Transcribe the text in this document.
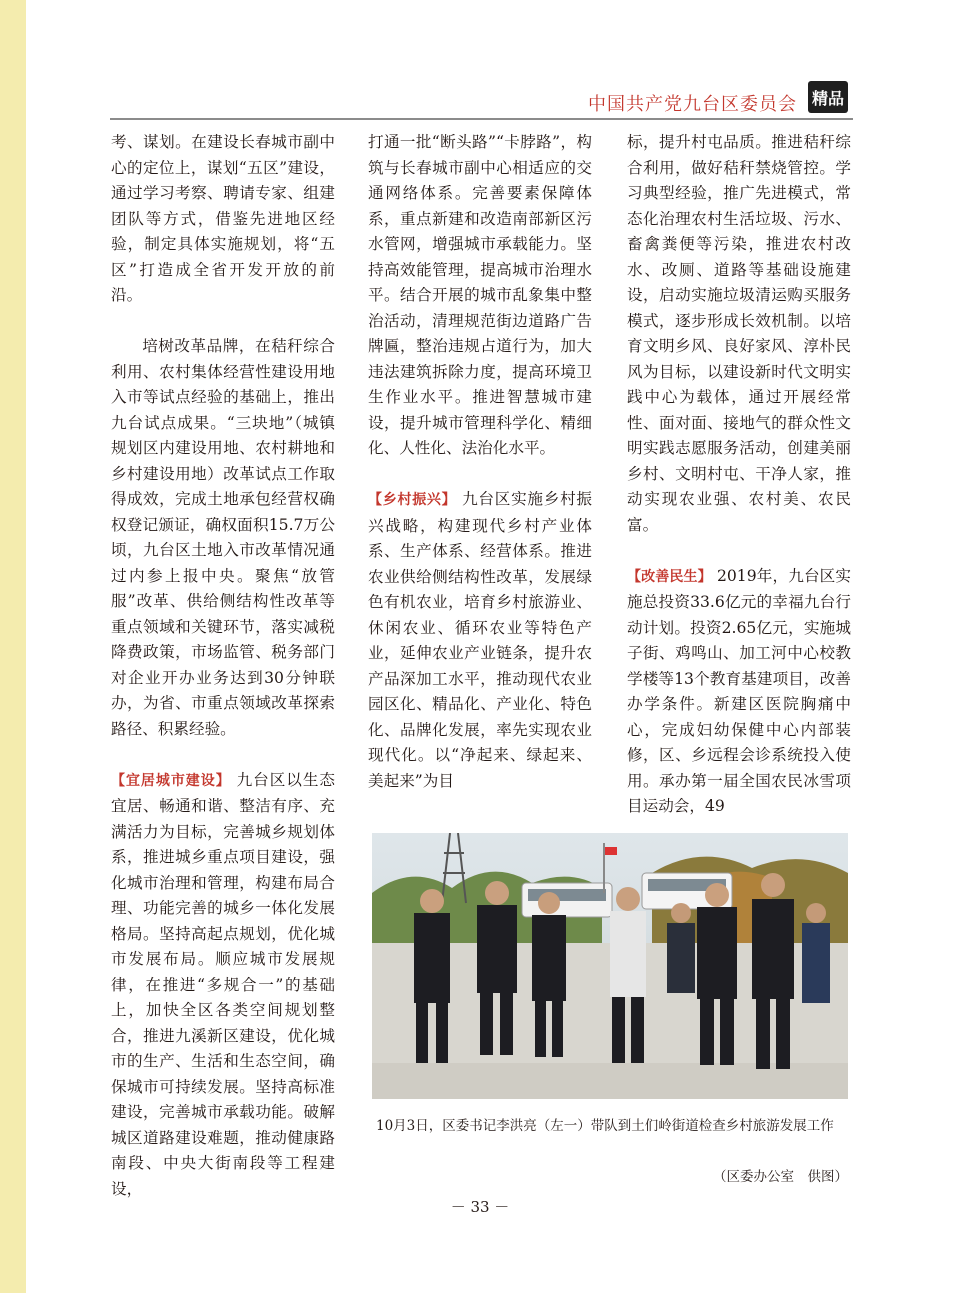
中国共产党九台区委员会 精品

考、谋划。在建设长春城市副中心的定位上，谋划“五区”建设，通过学习考察、聘请专家、组建团队等方式，借鉴先进地区经验，制定具体实施规划，将“五区”打造成全省开发开放的前沿。

培树改革品牌，在秸秆综合利用、农村集体经营性建设用地入市等试点经验的基础上，推出九台试点成果。“三块地”（城镇规划区内建设用地、农村耕地和乡村建设用地）改革试点工作取得成效，完成土地承包经营权确权登记颁证，确权面积15.7万公顷，九台区土地入市改革情况通过内参上报中央。聚焦“放管服”改革、供给侧结构性改革等重点领域和关键环节，落实减税降费政策，市场监管、税务部门对企业开办业务达到30分钟联办，为省、市重点领域改革探索路径、积累经验。

【宜居城市建设】 九台区以生态宜居、畅通和谐、整洁有序、充满活力为目标，完善城乡规划体系，推进城乡重点项目建设，强化城市治理和管理，构建布局合理、功能完善的城乡一体化发展格局。坚持高起点规划，优化城市发展布局。顺应城市发展规律，在推进“多规合一”的基础上，加快全区各类空间规划整合，推进九溪新区建设，优化城市的生产、生活和生态空间，确保城市可持续发展。坚持高标准建设，完善城市承载功能。破解城区道路建设难题，推动健康路南段、中央大街南段等工程建设，

打通一批“断头路”“卡脖路”，构筑与长春城市副中心相适应的交通网络体系。完善要素保障体系，重点新建和改造南部新区污水管网，增强城市承载能力。坚持高效能管理，提高城市治理水平。结合开展的城市乱象集中整治活动，清理规范街边道路广告牌匾，整治违规占道行为，加大违法建筑拆除力度，提高环境卫生作业水平。推进智慧城市建设，提升城市管理科学化、精细化、人性化、法治化水平。

【乡村振兴】 九台区实施乡村振兴战略，构建现代乡村产业体系、生产体系、经营体系。推进农业供给侧结构性改革，发展绿色有机农业，培育乡村旅游业、休闲农业、循环农业等特色产业，延伸农业产业链条，提升农产品深加工水平，推动现代农业园区化、精品化、产业化、特色化、品牌化发展，率先实现农业现代化。以“净起来、绿起来、美起来”为目

标，提升村屯品质。推进秸秆综合利用，做好秸秆禁烧管控。学习典型经验，推广先进模式，常态化治理农村生活垃圾、污水、畜禽粪便等污染，推进农村改水、改厕、道路等基础设施建设，启动实施垃圾清运购买服务模式，逐步形成长效机制。以培育文明乡风、良好家风、淳朴民风为目标，以建设新时代文明实践中心为载体，通过开展经常性、面对面、接地气的群众性文明实践志愿服务活动，创建美丽乡村、文明村屯、干净人家，推动实现农业强、农村美、农民富。

【改善民生】 2019年，九台区实施总投资33.6亿元的幸福九台行动计划。投资2.65亿元，实施城子街、鸡鸣山、加工河中心校教学楼等13个教育基建项目，改善办学条件。新建区医院胸痛中心，完成妇幼保健中心内部装修，区、乡远程会诊系统投入使用。承办第一届全国农民冰雪项目运动会，49

10月3日，区委书记李洪亮（左一）带队到土们岭街道检查乡村旅游发展工作
（区委办公室　供图）
－ 33 －
